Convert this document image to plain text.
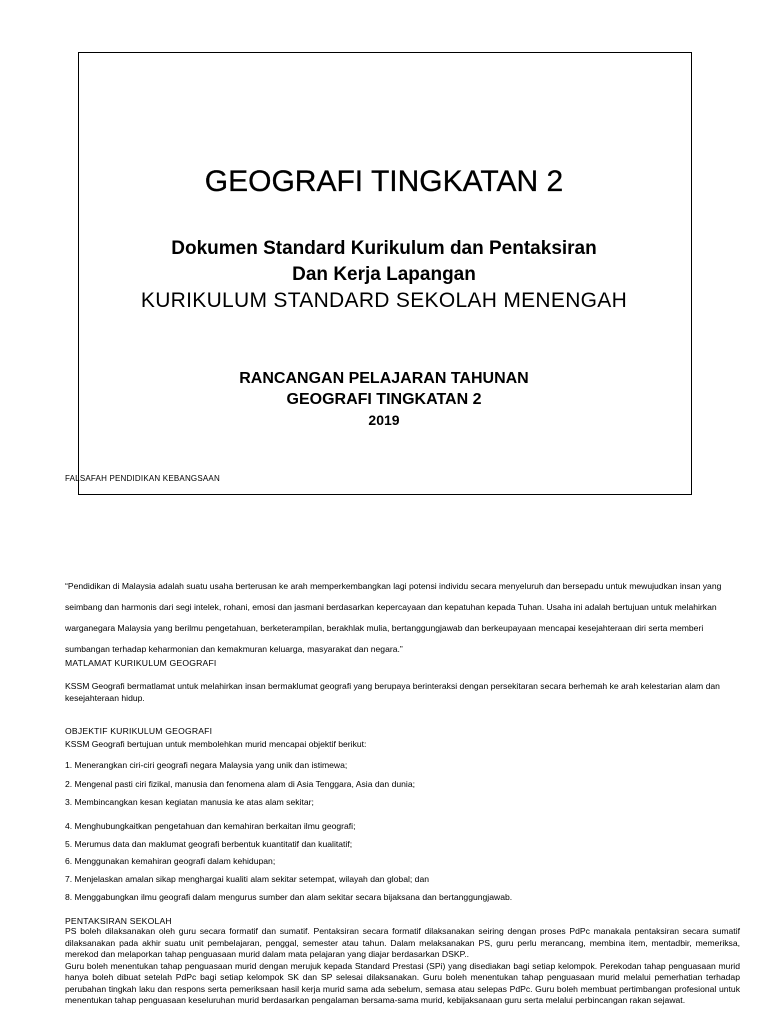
GEOGRAFI TINGKATAN 2
Dokumen Standard Kurikulum dan Pentaksiran
Dan Kerja Lapangan
KURIKULUM STANDARD SEKOLAH MENENGAH
RANCANGAN PELAJARAN TAHUNAN
GEOGRAFI TINGKATAN 2
2019
FALSAFAH PENDIDIKAN KEBANGSAAN
“Pendidikan di Malaysia adalah suatu usaha berterusan ke arah memperkembangkan lagi potensi individu secara menyeluruh dan bersepadu untuk mewujudkan insan yang seimbang dan harmonis dari segi intelek, rohani, emosi dan jasmani berdasarkan kepercayaan dan kepatuhan kepada Tuhan. Usaha ini adalah bertujuan untuk melahirkan warganegara Malaysia yang berilmu pengetahuan, berketerampilan, berakhlak mulia, bertanggungjawab dan berkeupayaan mencapai kesejahteraan diri serta memberi sumbangan terhadap keharmonian dan kemakmuran keluarga, masyarakat dan negara.”
MATLAMAT KURIKULUM GEOGRAFI
KSSM Geografi bermatlamat untuk melahirkan insan bermaklumat geografi yang berupaya berinteraksi dengan persekitaran secara berhemah ke arah kelestarian alam dan kesejahteraan hidup.
OBJEKTIF KURIKULUM GEOGRAFI
KSSM Geografi bertujuan untuk membolehkan murid mencapai objektif berikut:
1. Menerangkan ciri-ciri geografi negara Malaysia yang unik dan istimewa;
2. Mengenal pasti ciri fizikal, manusia dan fenomena alam di Asia Tenggara, Asia dan dunia;
3. Membincangkan kesan kegiatan manusia ke atas alam sekitar;
4. Menghubungkaitkan pengetahuan dan kemahiran berkaitan ilmu geografi;
5. Merumus data dan maklumat geografi berbentuk kuantitatif dan kualitatif;
6. Menggunakan kemahiran geografi dalam kehidupan;
7. Menjelaskan amalan sikap menghargai kualiti alam sekitar setempat, wilayah dan global; dan
8. Menggabungkan ilmu geografi dalam mengurus sumber dan alam sekitar secara bijaksana dan bertanggungjawab.
PENTAKSIRAN SEKOLAH
PS boleh dilaksanakan oleh guru secara formatif dan sumatif. Pentaksiran secara formatif dilaksanakan seiring dengan proses PdPc manakala pentaksiran secara sumatif dilaksanakan pada akhir suatu unit pembelajaran, penggal, semester atau tahun. Dalam melaksanakan PS, guru perlu merancang, membina item, mentadbir, memeriksa, merekod dan melaporkan tahap penguasaan murid dalam mata pelajaran yang diajar berdasarkan DSKP..
Guru boleh menentukan tahap penguasaan murid dengan merujuk kepada Standard Prestasi (SPi) yang disediakan bagi setiap kelompok. Perekodan tahap penguasaan murid hanya boleh dibuat setelah PdPc bagi setiap kelompok SK dan SP selesai dilaksanakan. Guru boleh menentukan tahap penguasaan murid melalui pemerhatian terhadap perubahan tingkah laku dan respons serta pemeriksaan hasil kerja murid sama ada sebelum, semasa atau selepas PdPc. Guru boleh membuat pertimbangan profesional untuk menentukan tahap penguasaan keseluruhan murid berdasarkan pengalaman bersama-sama murid, kebijaksanaan guru serta melalui perbincangan rakan sejawat.
